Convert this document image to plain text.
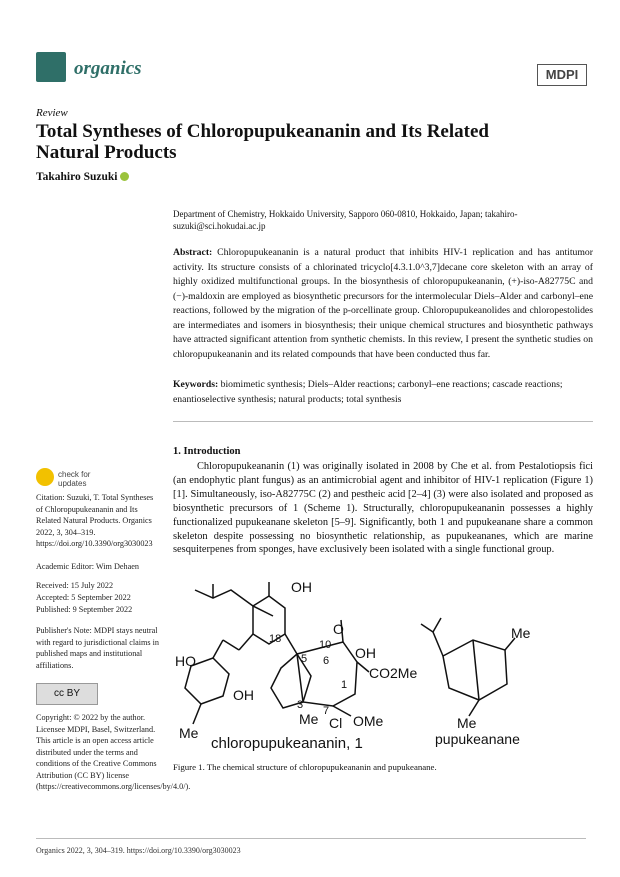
organics	MDPI
Review
Total Syntheses of Chloropupukeananin and Its Related Natural Products
Takahiro Suzuki
Department of Chemistry, Hokkaido University, Sapporo 060-0810, Hokkaido, Japan; takahiro-suzuki@sci.hokudai.ac.jp
Abstract: Chloropupukeananin is a natural product that inhibits HIV-1 replication and has antitumor activity. Its structure consists of a chlorinated tricyclo[4.3.1.0^3,7]decane core skeleton with an array of highly oxidized multifunctional groups. In the biosynthesis of chloropupukeananin, (+)-iso-A82775C and (−)-maldoxin are employed as biosynthetic precursors for the intermolecular Diels–Alder and carbonyl–ene reactions, followed by the migration of the p-orcellinate group. Chloropupukeanolides and chloropestolides are intermediates and isomers in biosynthesis; their unique chemical structures and biosynthetic pathways have attracted significant attention from synthetic chemists. In this review, I present the synthetic studies on chloropupukeananin and its related compounds that have been conducted thus far.
Keywords: biomimetic synthesis; Diels–Alder reactions; carbonyl–ene reactions; cascade reactions; enantioselective synthesis; natural products; total synthesis
1. Introduction
Chloropupukeananin (1) was originally isolated in 2008 by Che et al. from Pestalotiopsis fici (an endophytic plant fungus) as an antimicrobial agent and inhibitor of HIV-1 replication (Figure 1) [1]. Simultaneously, iso-A82775C (2) and pestheic acid [2–4] (3) were also isolated and proposed as biosynthetic precursors of 1 (Scheme 1). Structurally, chloropupukeananin possesses a highly functionalized pupukeanane skeleton [5–9]. Significantly, both 1 and pupukeanane share a common skeleton despite possessing no biosynthetic relationship, as pupukeananes, which are marine sesquiterpenes from sponges, have exclusively been isolated with a single functional group.
OH
18	10
O
5 6 OH
HO
OH
CO2Me
1
3 7
Cl OMe
Me
Me
Me
Me
chloropupukeananin, 1	pupukeanane
Figure 1. The chemical structure of chloropupukeananin and pupukeanane.
check for updates
Citation: Suzuki, T. Total Syntheses of Chloropupukeananin and Its Related Natural Products. Organics 2022, 3, 304–319. https://doi.org/10.3390/org3030023
Academic Editor: Wim Dehaen
Received: 15 July 2022
Accepted: 5 September 2022
Published: 9 September 2022
Publisher's Note: MDPI stays neutral with regard to jurisdictional claims in published maps and institutional affiliations.
cc BY
Copyright: © 2022 by the author. Licensee MDPI, Basel, Switzerland. This article is an open access article distributed under the terms and conditions of the Creative Commons Attribution (CC BY) license (https://creativecommons.org/licenses/by/4.0/).
Organics 2022, 3, 304–319. https://doi.org/10.3390/org3030023
